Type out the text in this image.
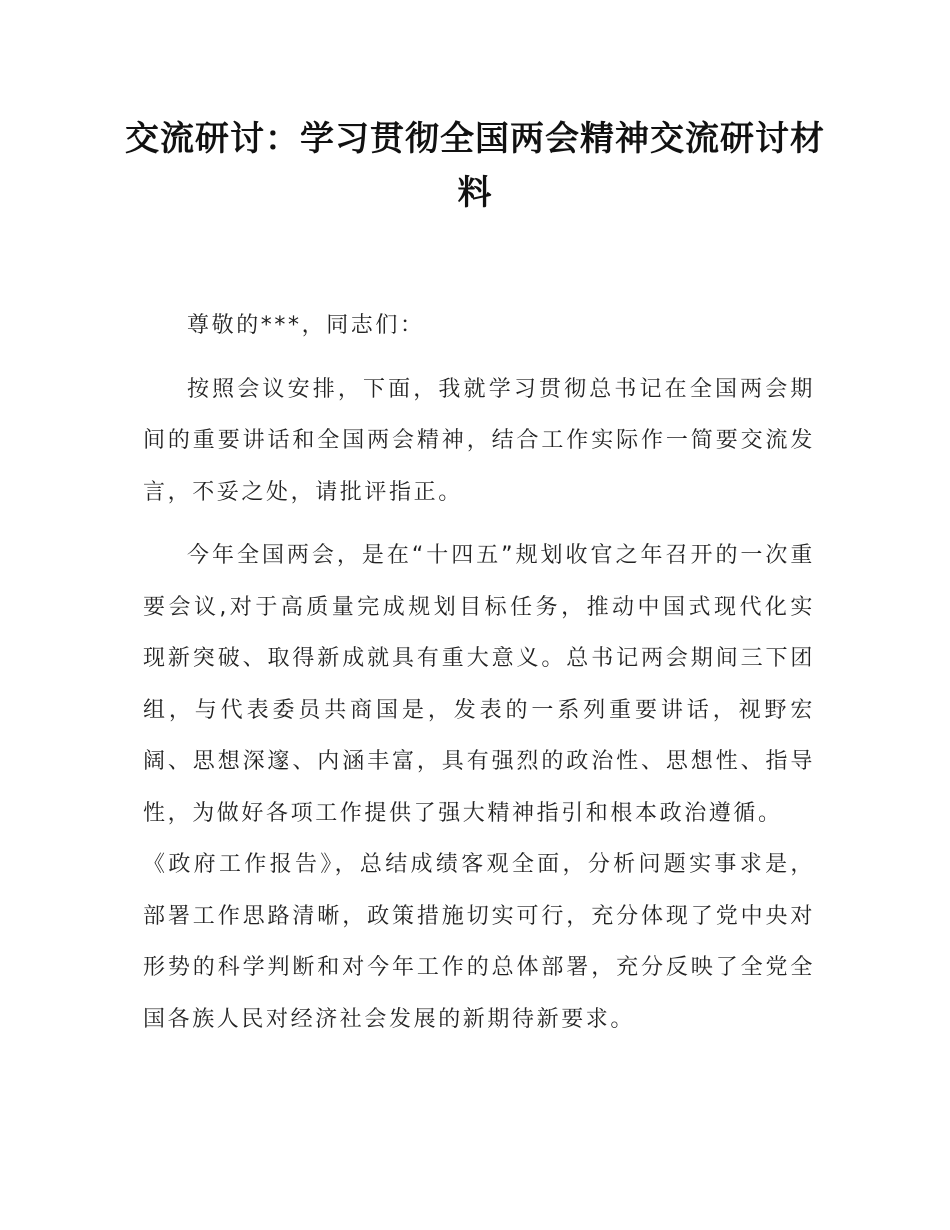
交流研讨：学习贯彻全国两会精神交流研讨材料

尊敬的***，同志们：

按照会议安排，下面，我就学习贯彻总书记在全国两会期间的重要讲话和全国两会精神，结合工作实际作一简要交流发言，不妥之处，请批评指正。

今年全国两会，是在“十四五”规划收官之年召开的一次重要会议,对于高质量完成规划目标任务，推动中国式现代化实现新突破、取得新成就具有重大意义。总书记两会期间三下团组，与代表委员共商国是，发表的一系列重要讲话，视野宏阔、思想深邃、内涵丰富，具有强烈的政治性、思想性、指导性，为做好各项工作提供了强大精神指引和根本政治遵循。

《政府工作报告》，总结成绩客观全面，分析问题实事求是，部署工作思路清晰，政策措施切实可行，充分体现了党中央对形势的科学判断和对今年工作的总体部署，充分反映了全党全国各族人民对经济社会发展的新期待新要求。
